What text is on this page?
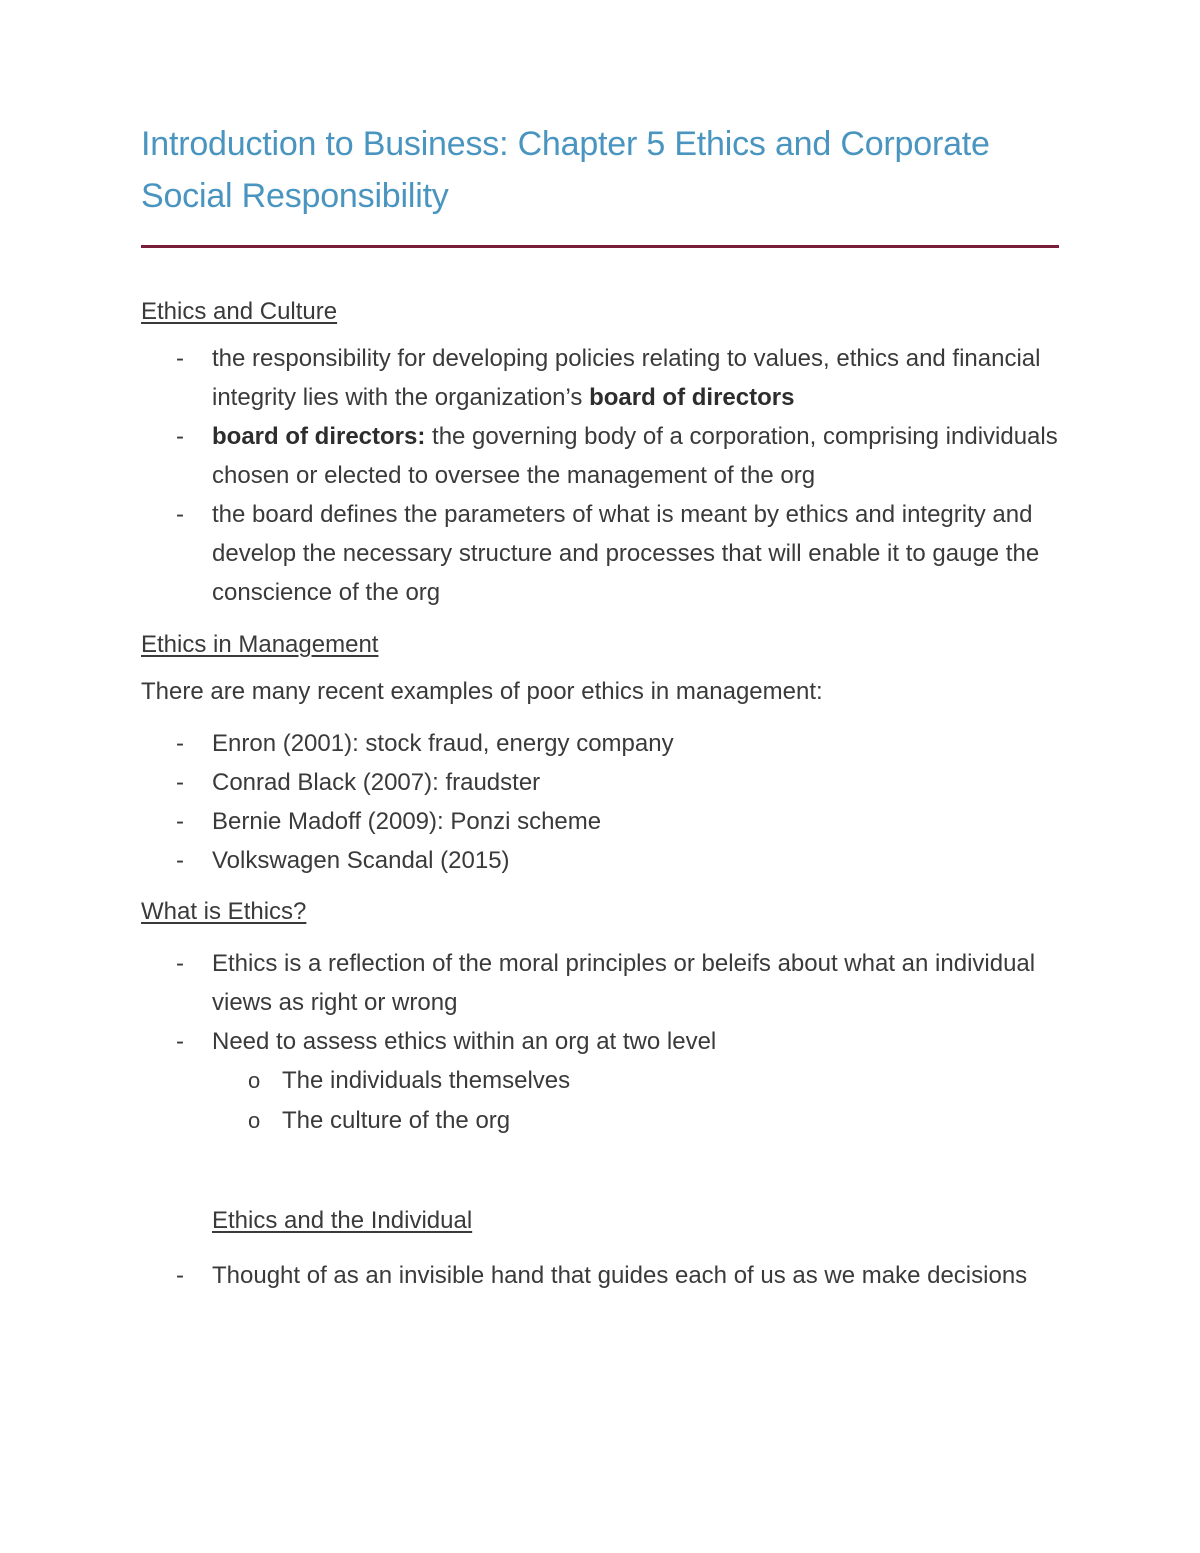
Introduction to Business: Chapter 5 Ethics and Corporate Social Responsibility

Ethics and Culture

-	the responsibility for developing policies relating to values, ethics and financial integrity lies with the organization’s board of directors
-	board of directors: the governing body of a corporation, comprising individuals chosen or elected to oversee the management of the org
-	the board defines the parameters of what is meant by ethics and integrity and develop the necessary structure and processes that will enable it to gauge the conscience of the org

Ethics in Management

There are many recent examples of poor ethics in management:

-	Enron (2001): stock fraud, energy company
-	Conrad Black (2007): fraudster
-	Bernie Madoff (2009): Ponzi scheme
-	Volkswagen Scandal (2015)

What is Ethics?

-	Ethics is a reflection of the moral principles or beleifs about what an individual views as right or wrong
-	Need to assess ethics within an org at two level
o The individuals themselves
o The culture of the org

Ethics and the Individual

-	Thought of as an invisible hand that guides each of us as we make decisions
